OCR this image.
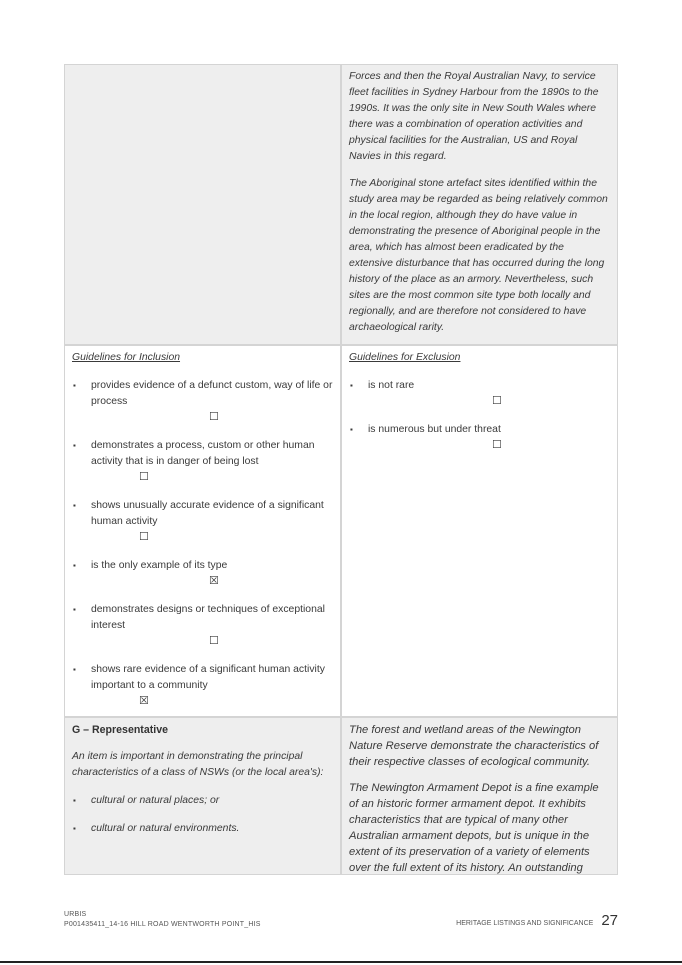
Forces and then the Royal Australian Navy, to service fleet facilities in Sydney Harbour from the 1890s to the 1990s. It was the only site in New South Wales where there was a combination of operation activities and physical facilities for the Australian, US and Royal Navies in this regard.

The Aboriginal stone artefact sites identified within the study area may be regarded as being relatively common in the local region, although they do have value in demonstrating the presence of Aboriginal people in the area, which has almost been eradicated by the extensive disturbance that has occurred during the long history of the place as an armory. Nevertheless, such sites are the most common site type both locally and regionally, and are therefore not considered to have archaeological rarity.

Guidelines for Inclusion

▪ provides evidence of a defunct custom, way of life or process
☐
▪ demonstrates a process, custom or other human activity that is in danger of being lost
☐
▪ shows unusually accurate evidence of a significant human activity
☐
▪ is the only example of its type
☒
▪ demonstrates designs or techniques of exceptional interest
☐
▪ shows rare evidence of a significant human activity important to a community
☒

Guidelines for Exclusion

▪ is not rare
☐
▪ is numerous but under threat
☐

G – Representative

An item is important in demonstrating the principal characteristics of a class of NSWs (or the local area's):

▪ cultural or natural places; or
▪ cultural or natural environments.

The forest and wetland areas of the Newington Nature Reserve demonstrate the characteristics of their respective classes of ecological community.

The Newington Armament Depot is a fine example of an historic former armament depot. It exhibits characteristics that are typical of many other Australian armament depots, but is unique in the extent of its preservation of a variety of elements over the full extent of its history. An outstanding

URBIS
P001435411_14-16 HILL ROAD WENTWORTH POINT_HIS	HERITAGE LISTINGS AND SIGNIFICANCE 27
